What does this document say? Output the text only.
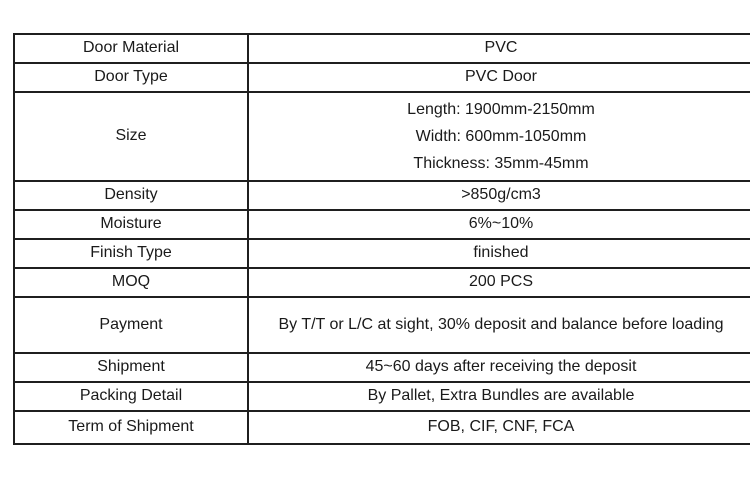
Door Material	PVC
Door Type	PVC Door
Size	Length: 1900mm-2150mm
Width: 600mm-1050mm
Thickness: 35mm-45mm

Density	>850g/cm3
Moisture	6%~10%
Finish Type	finished
MOQ	200 PCS
Payment	By T/T or L/C at sight, 30% deposit and balance before loading
Shipment	45~60 days after receiving the deposit
Packing Detail	By Pallet, Extra Bundles are available
Term of Shipment	FOB, CIF, CNF, FCA
